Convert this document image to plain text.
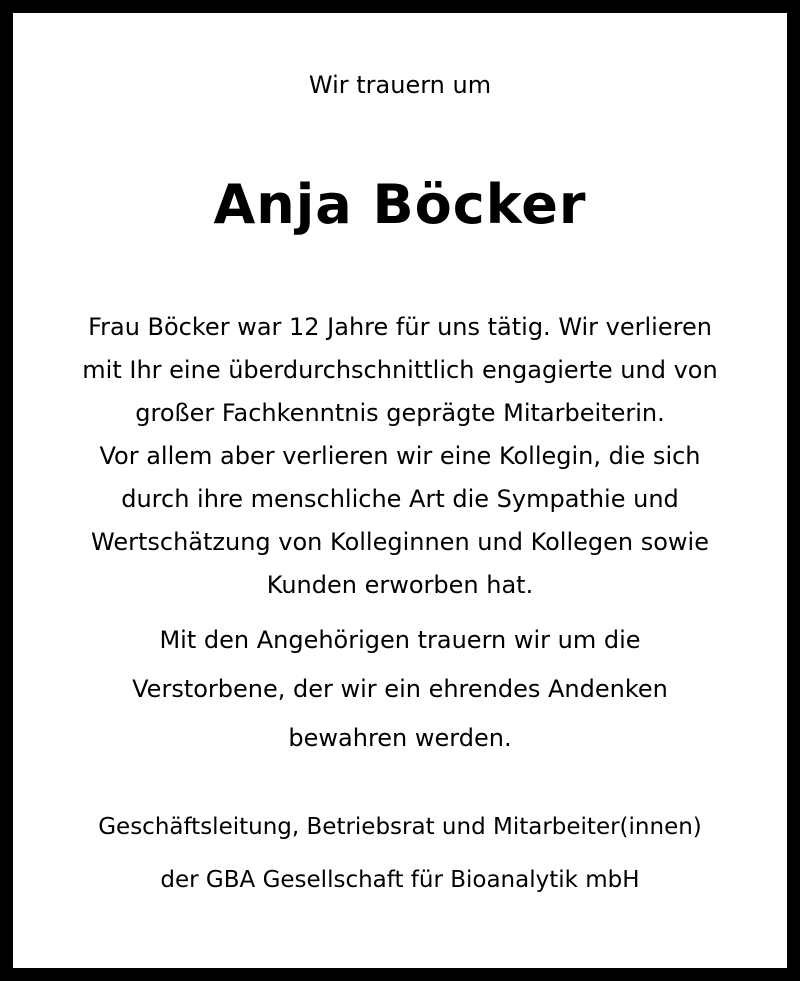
Wir trauern um
Anja Böcker
Frau Böcker war 12 Jahre für uns tätig. Wir verlieren
mit Ihr eine überdurchschnittlich engagierte und von
großer Fachkenntnis geprägte Mitarbeiterin.
Vor allem aber verlieren wir eine Kollegin, die sich
durch ihre menschliche Art die Sympathie und
Wertschätzung von Kolleginnen und Kollegen sowie
Kunden erworben hat.
Mit den Angehörigen trauern wir um die
Verstorbene, der wir ein ehrendes Andenken
bewahren werden.
Geschäftsleitung, Betriebsrat und Mitarbeiter(innen)
der GBA Gesellschaft für Bioanalytik mbH
